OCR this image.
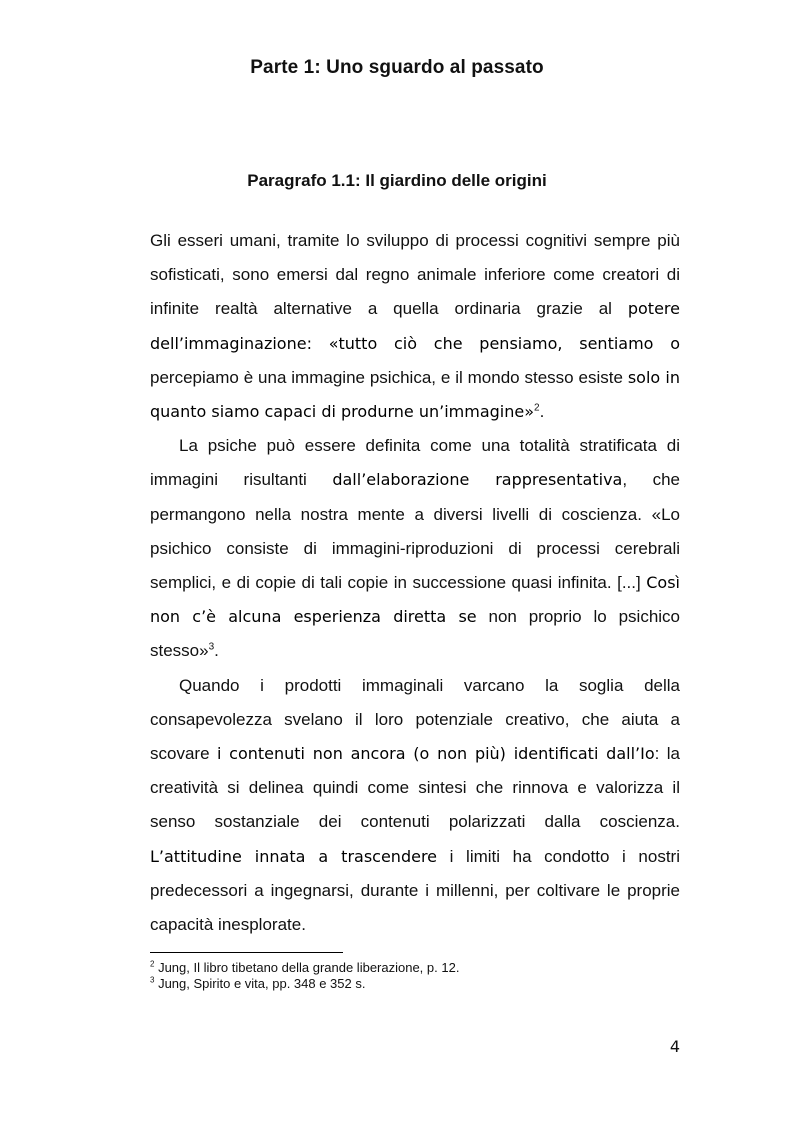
Parte 1: Uno sguardo al passato
Paragrafo 1.1: Il giardino delle origini

Gli esseri umani, tramite lo sviluppo di processi cognitivi sempre più sofisticati, sono emersi dal regno animale inferiore come creatori di infinite realtà alternative a quella ordinaria grazie al potere dell’immaginazione: «tutto ciò che pensiamo, sentiamo o percepiamo è una immagine psichica, e il mondo stesso esiste solo in quanto siamo capaci di produrne un’immagine»$^2$.

La psiche può essere definita come una totalità stratificata di immagini risultanti dall’elaborazione rappresentativa, che permangono nella nostra mente a diversi livelli di coscienza. «Lo psichico consiste di immagini-riproduzioni di processi cerebrali semplici, e di copie di tali copie in successione quasi infinita. [...] Così non c’è alcuna esperienza diretta se non proprio lo psichico stesso»$^3$.

Quando i prodotti immaginali varcano la soglia della consapevolezza svelano il loro potenziale creativo, che aiuta a scovare i contenuti non ancora (o non più) identificati dall’Io: la creatività si delinea quindi come sintesi che rinnova e valorizza il senso sostanziale dei contenuti polarizzati dalla coscienza. L’attitudine innata a trascendere i limiti ha condotto i nostri predecessori a ingegnarsi, durante i millenni, per coltivare le proprie capacità inesplorate.

$^2$ Jung, Il libro tibetano della grande liberazione, p. 12.

$^3$ Jung, Spirito e vita, pp. 348 e 352 s.

4
